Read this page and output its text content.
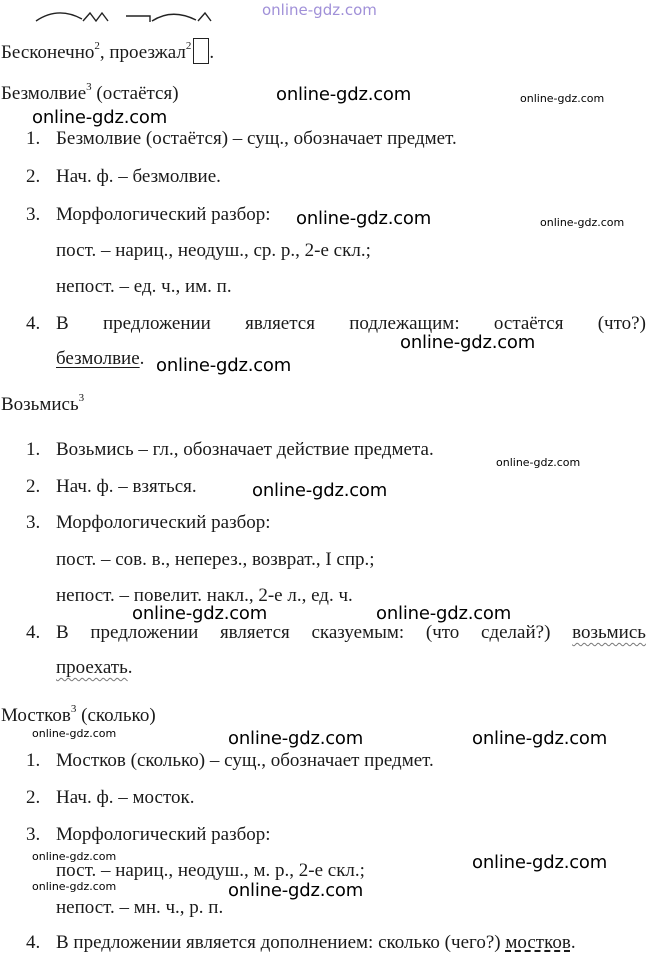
online-gdz.com
Бесконечно$^2$, проезжал$^2$ .
Безмолвие$^3$ (остаётся)
1. Безмолвие (остаётся) – сущ., обозначает предмет.
2. Нач. ф. – безмолвие.
3. Морфологический разбор:
пост. – нариц., неодуш., ср. р., 2-е скл.;
непост. – ед. ч., им. п.
4. В предложении является подлежащим: остаётся (что?)
безмолвие.
Возьмись$^3$
1. Возьмись – гл., обозначает действие предмета.
2. Нач. ф. – взяться.
3. Морфологический разбор:
пост. – сов. в., неперез., возврат., I спр.;
непост. – повелит. накл., 2-е л., ед. ч.
4. В предложении является сказуемым: (что сделай?) возьмись
проехать.
Мостков$^3$ (сколько)
1. Мостков (сколько) – сущ., обозначает предмет.
2. Нач. ф. – мосток.
3. Морфологический разбор:
пост. – нариц., неодуш., м. р., 2-е скл.;
непост. – мн. ч., р. п.
4. В предложении является дополнением: сколько (чего?) мостков.
online-gdz.com	online-gdz.com
online-gdz.com
online-gdz.com	online-gdz.com
online-gdz.com
online-gdz.com
online-gdz.com
online-gdz.com
online-gdz.com	online-gdz.com
online-gdz.com	online-gdz.com	online-gdz.com
online-gdz.com	online-gdz.com
online-gdz.com	online-gdz.com
